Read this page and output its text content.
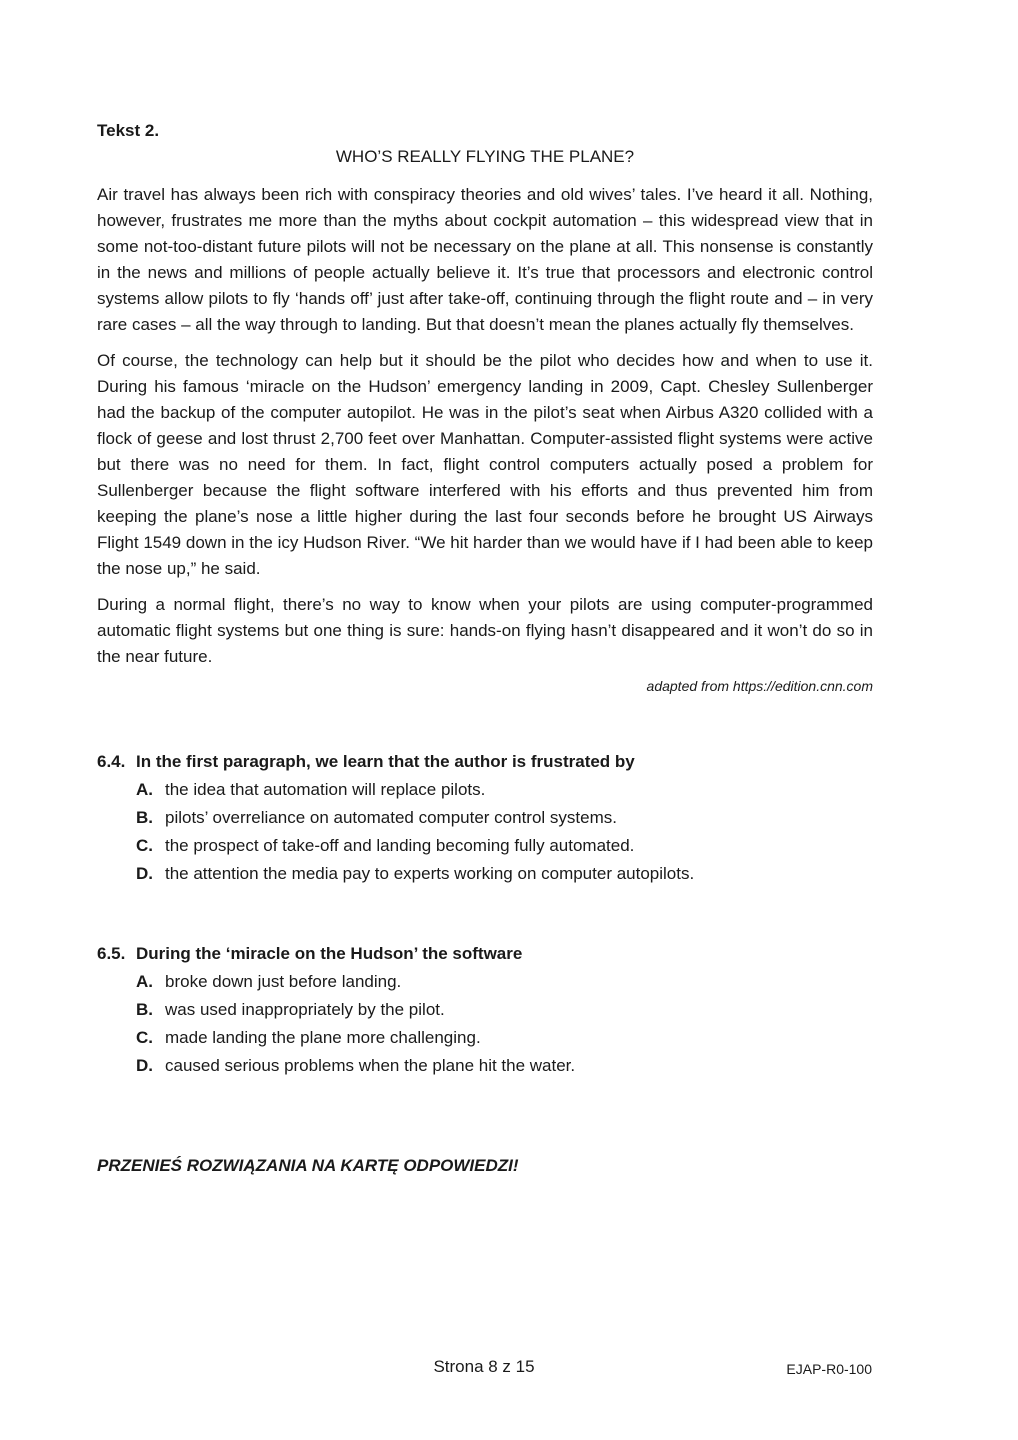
Tekst 2.
WHO’S REALLY FLYING THE PLANE?

Air travel has always been rich with conspiracy theories and old wives’ tales. I’ve heard it all. Nothing, however, frustrates me more than the myths about cockpit automation – this widespread view that in some not-too-distant future pilots will not be necessary on the plane at all. This nonsense is constantly in the news and millions of people actually believe it. It’s true that processors and electronic control systems allow pilots to fly ‘hands off’ just after take-off, continuing through the flight route and – in very rare cases – all the way through to landing. But that doesn’t mean the planes actually fly themselves.

Of course, the technology can help but it should be the pilot who decides how and when to use it. During his famous ‘miracle on the Hudson’ emergency landing in 2009, Capt. Chesley Sullenberger had the backup of the computer autopilot. He was in the pilot’s seat when Airbus A320 collided with a flock of geese and lost thrust 2,700 feet over Manhattan. Computer-assisted flight systems were active but there was no need for them. In fact, flight control computers actually posed a problem for Sullenberger because the flight software interfered with his efforts and thus prevented him from keeping the plane’s nose a little higher during the last four seconds before he brought US Airways Flight 1549 down in the icy Hudson River. “We hit harder than we would have if I had been able to keep the nose up,” he said.

During a normal flight, there’s no way to know when your pilots are using computer-programmed automatic flight systems but one thing is sure: hands-on flying hasn’t disappeared and it won’t do so in the near future.

adapted from https://edition.cnn.com
6.4. In the first paragraph, we learn that the author is frustrated by
A. the idea that automation will replace pilots.
B. pilots’ overreliance on automated computer control systems.
C. the prospect of take-off and landing becoming fully automated.
D. the attention the media pay to experts working on computer autopilots.
6.5. During the ‘miracle on the Hudson’ the software
A. broke down just before landing.
B. was used inappropriately by the pilot.
C. made landing the plane more challenging.
D. caused serious problems when the plane hit the water.
PRZENIEŚ ROZWIĄZANIA NA KARTĘ ODPOWIEDZI!
Strona 8 z 15	EJAP-R0-100
